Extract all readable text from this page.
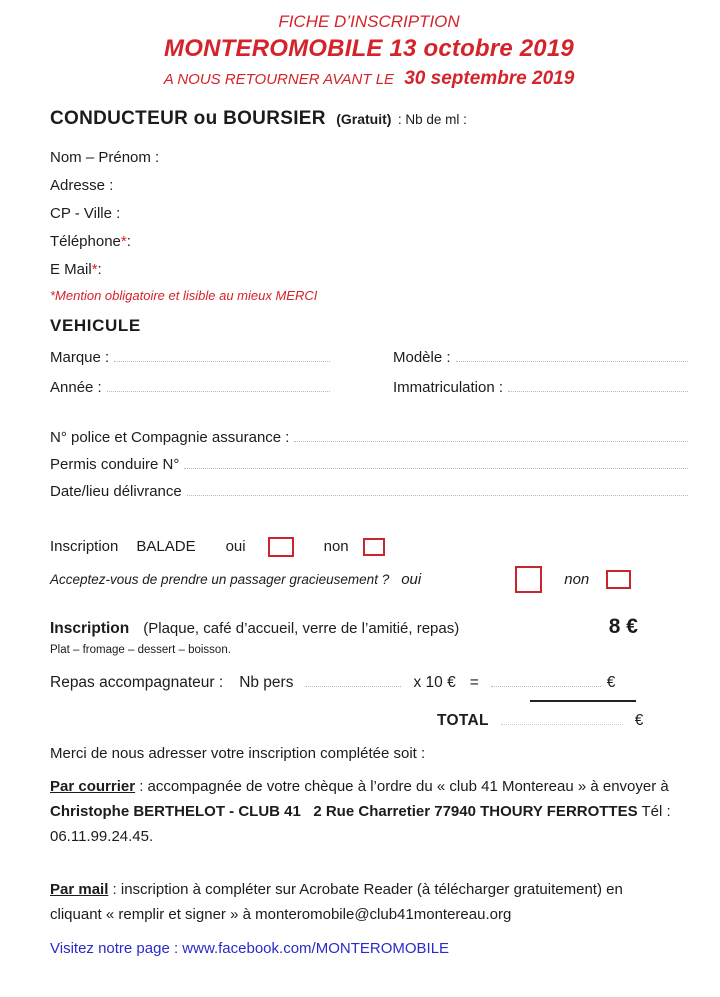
FICHE D’INSCRIPTION
MONTEROMOBILE 13 octobre 2019
A NOUS RETOURNER AVANT LE 30 septembre 2019
CONDUCTEUR ou BOURSIER (Gratuit) : Nb de ml :
Nom – Prénom :
Adresse :
CP - Ville :
Téléphone * :
E Mail * :
*Mention obligatoire et lisible au mieux MERCI
VEHICULE
Marque :	Modèle :
Année :	Immatriculation :
N° police et Compagnie assurance :
Permis conduire N°
Date/lieu délivrance
Inscription BALADE oui	non
Acceptez-vous de prendre un passager gracieusement ? oui	non
Inscription (Plaque, café d’accueil, verre de l’amitié, repas)	8 €
Plat – fromage – dessert – boisson.
Repas accompagnateur : Nb pers	x 10 € =	€
TOTAL	€
Merci de nous adresser votre inscription complétée soit :
Par courrier : accompagnée de votre chèque à l’ordre du « club 41 Montereau » à envoyer à Christophe BERTHELOT - CLUB 41   2 Rue Charretier 77940 THOURY FERROTTES Tél : 06.11.99.24.45.
Par mail : inscription à compléter sur Acrobate Reader (à télécharger gratuitement) en cliquant « remplir et signer » à monteromobile@club41montereau.org
Visitez notre page : www.facebook.com/MONTEROMOBILE
